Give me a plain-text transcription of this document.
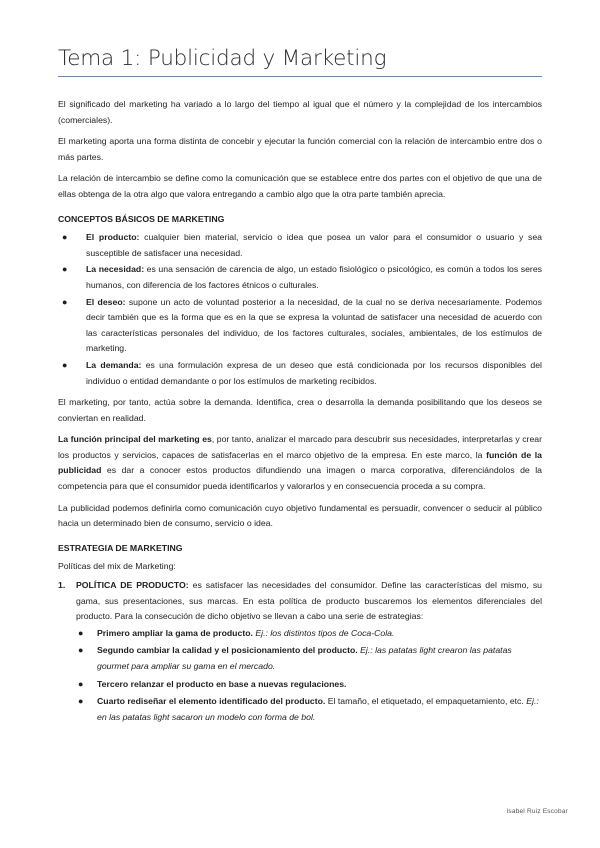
Tema 1: Publicidad y Marketing

El significado del marketing ha variado a lo largo del tiempo al igual que el número y la complejidad de los intercambios (comerciales).

El marketing aporta una forma distinta de concebir y ejecutar la función comercial con la relación de intercambio entre dos o más partes.

La relación de intercambio se define como la comunicación que se establece entre dos partes con el objetivo de que una de ellas obtenga de la otra algo que valora entregando a cambio algo que la otra parte también aprecia.

CONCEPTOS BÁSICOS DE MARKETING
● El producto: cualquier bien material, servicio o idea que posea un valor para el consumidor o usuario y sea susceptible de satisfacer una necesidad.
● La necesidad: es una sensación de carencia de algo, un estado fisiológico o psicológico, es común a todos los seres humanos, con diferencia de los factores étnicos o culturales.
● El deseo: supone un acto de voluntad posterior a la necesidad, de la cual no se deriva necesariamente. Podemos decir también que es la forma que es en la que se expresa la voluntad de satisfacer una necesidad de acuerdo con las características personales del individuo, de los factores culturales, sociales, ambientales, de los estímulos de marketing.
● La demanda: es una formulación expresa de un deseo que está condicionada por los recursos disponibles del individuo o entidad demandante o por los estímulos de marketing recibidos.

El marketing, por tanto, actúa sobre la demanda. Identifica, crea o desarrolla la demanda posibilitando que los deseos se conviertan en realidad.

La función principal del marketing es, por tanto, analizar el marcado para descubrir sus necesidades, interpretarlas y crear los productos y servicios, capaces de satisfacerlas en el marco objetivo de la empresa. En este marco, la función de la publicidad es dar a conocer estos productos difundiendo una imagen o marca corporativa, diferenciándolos de la competencia para que el consumidor pueda identificarlos y valorarlos y en consecuencia proceda a su compra.

La publicidad podemos definirla como comunicación cuyo objetivo fundamental es persuadir, convencer o seducir al público hacia un determinado bien de consumo, servicio o idea.

ESTRATEGIA DE MARKETING

Políticas del mix de Marketing:

1. POLÍTICA DE PRODUCTO: es satisfacer las necesidades del consumidor. Define las características del mismo, su gama, sus presentaciones, sus marcas. En esta política de producto buscaremos los elementos diferenciales del producto. Para la consecución de dicho objetivo se llevan a cabo una serie de estrategias:
● Primero ampliar la gama de producto. Ej.: los distintos tipos de Coca-Cola.
● Segundo cambiar la calidad y el posicionamiento del producto. Ej.: las patatas light crearon las patatas gourmet para ampliar su gama en el mercado.
● Tercero relanzar el producto en base a nuevas regulaciones.
● Cuarto rediseñar el elemento identificado del producto. El tamaño, el etiquetado, el empaquetamiento, etc. Ej.: en las patatas light sacaron un modelo con forma de bol.
Isabel Ruiz Escobar
